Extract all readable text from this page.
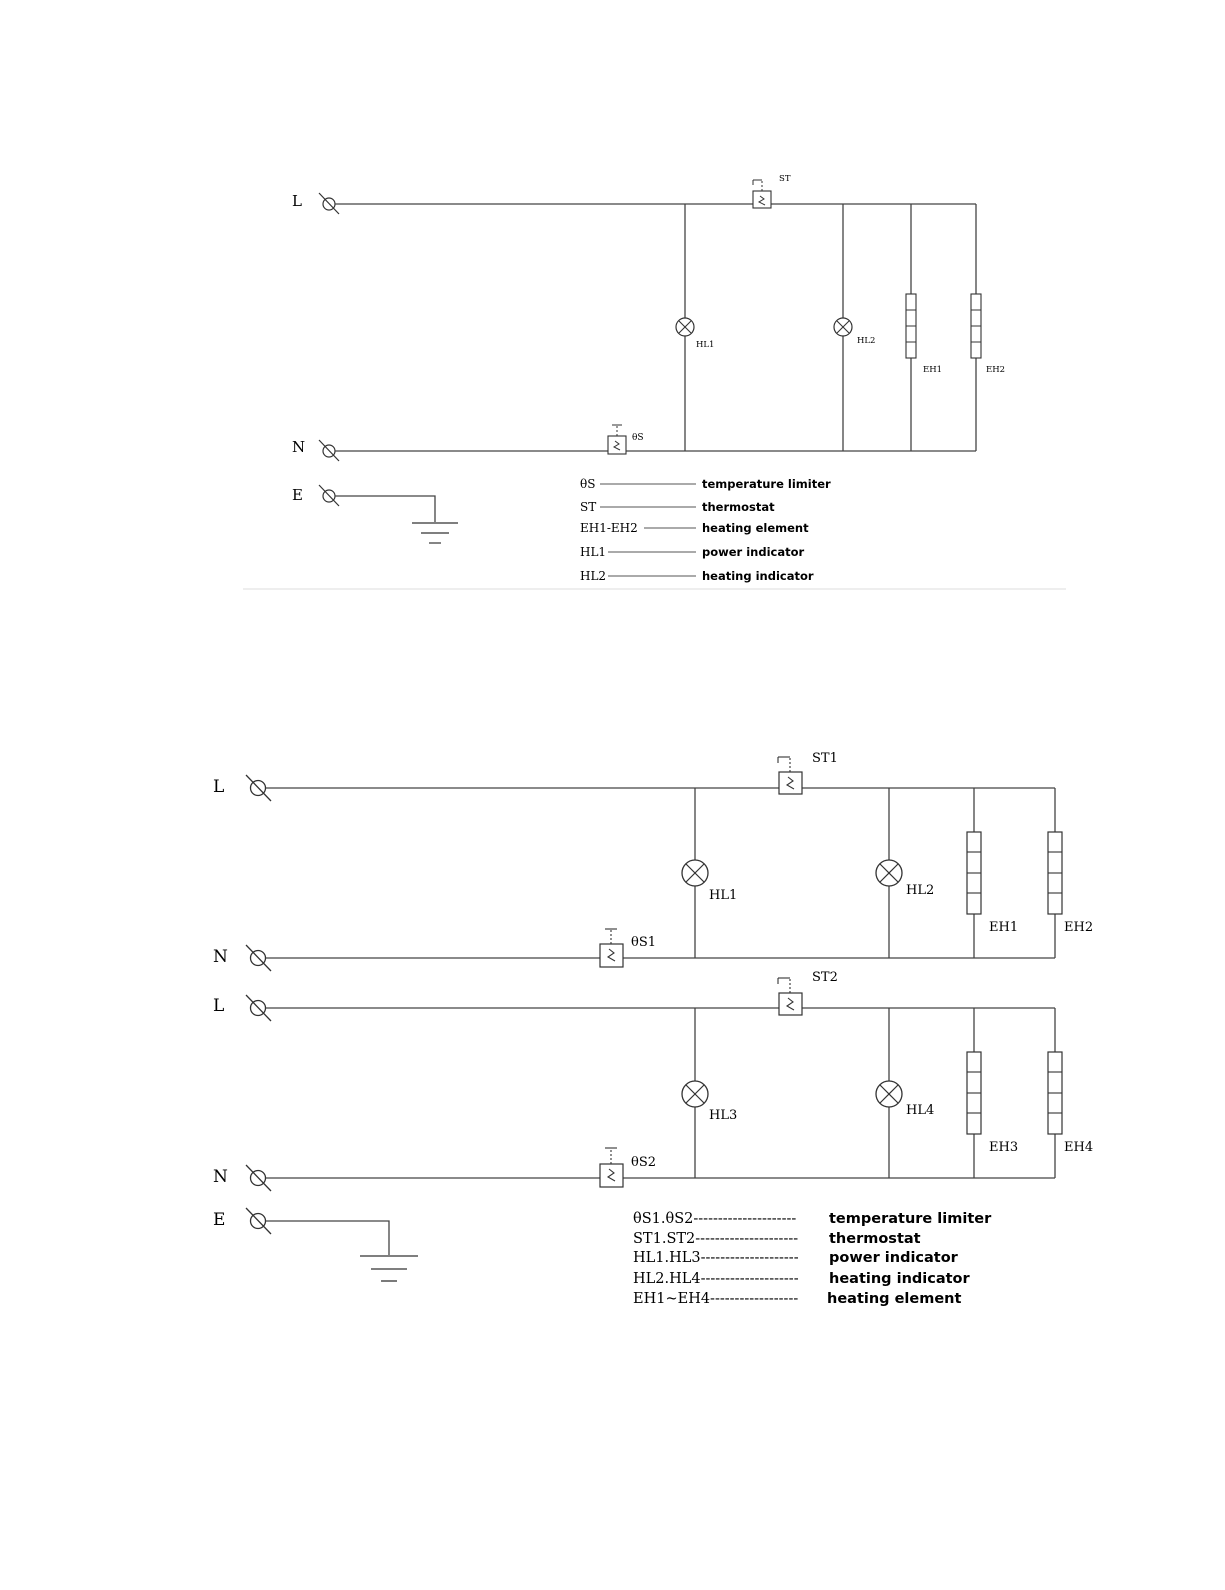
L
N
E
ST
θS
HL1	HL2
EH1	EH2
θS	temperature limiter
ST	thermostat
EH1-EH2	heating element
HL1	power indicator
HL2	heating indicator
L
N
L
N
E
ST1
θS1
HL1	HL2
EH1	EH2
ST2
θS2
HL3	HL4
EH3	EH4
θS1.θS2--------------------- temperature limiter
ST1.ST2--------------------- thermostat
HL1.HL3-------------------- power indicator
HL2.HL4-------------------- heating indicator
EH1~EH4------------------ heating element
